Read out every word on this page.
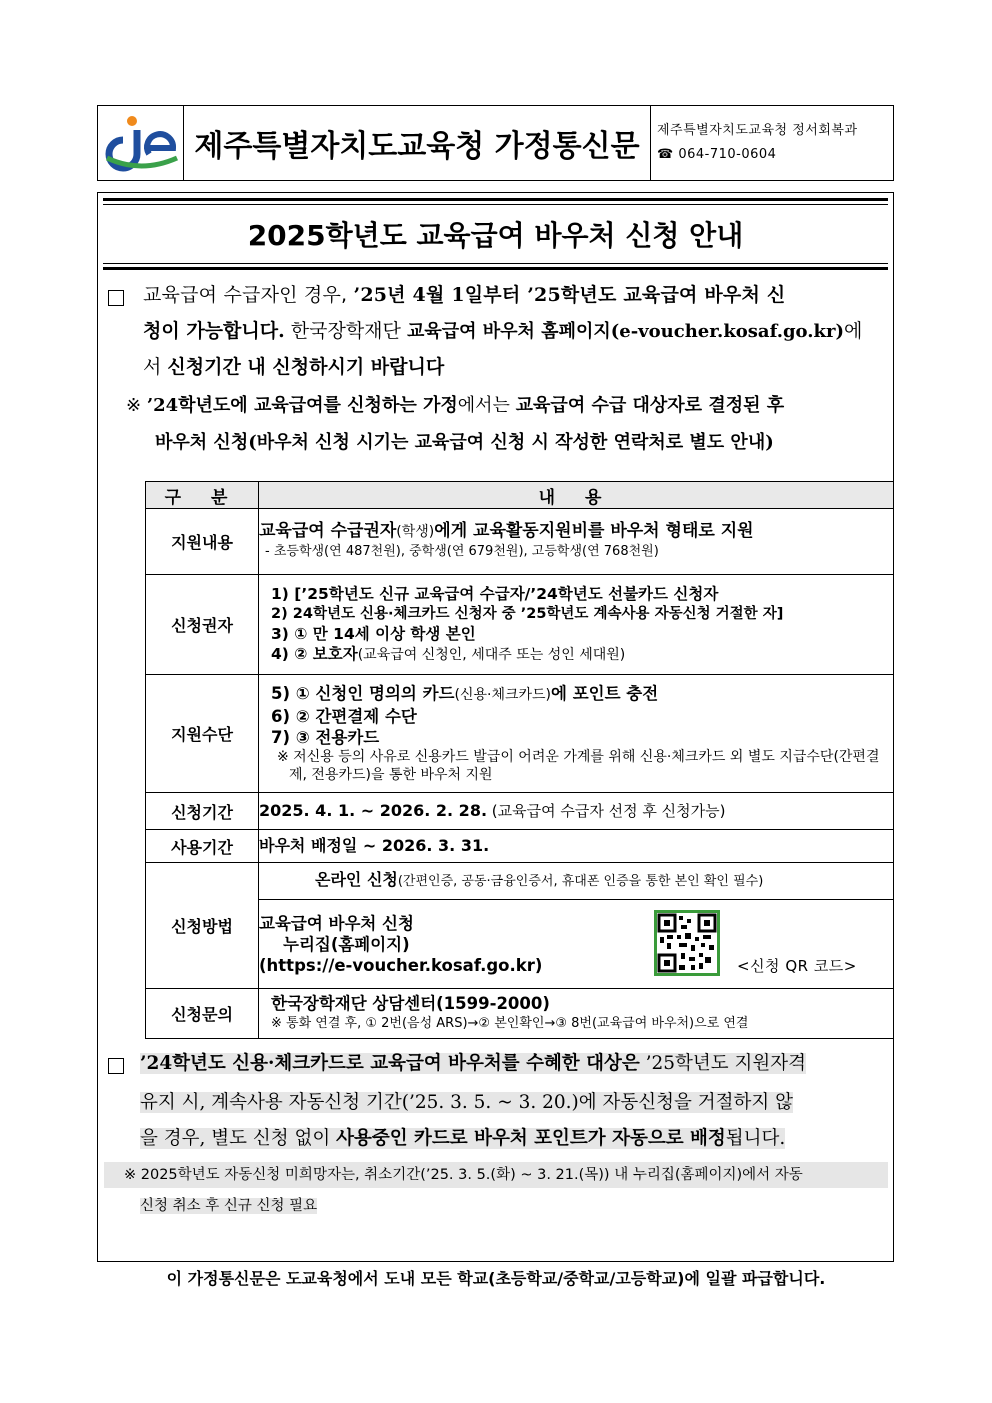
제주특별자치도교육청 가정통신문	제주특별자치도교육청 정서회복과
☎ 064-710-0604
2025학년도 교육급여 바우처 신청 안내
교육급여 수급자인 경우, ’25년 4월 1일부터 ’25학년도 교육급여 바우처 신
청이 가능합니다. 한국장학재단 교육급여 바우처 홈페이지(e-voucher.kosaf.go.kr)에
서 신청기간 내 신청하시기 바랍니다
※ ’24학년도에 교육급여를 신청하는 가정에서는 교육급여 수급 대상자로 결정된 후
바우처 신청(바우처 신청 시기는 교육급여 신청 시 작성한 연락처로 별도 안내)
구 분	내 용
지원내용	교육급여 수급권자(학생)에게 교육활동지원비를 바우처 형태로 지원
- 초등학생(연 487천원), 중학생(연 679천원), 고등학생(연 768천원)

신청권자	1) [’25학년도 신규 교육급여 수급자/’24학년도 선불카드 신청자
2) 24학년도 신용·체크카드 신청자 중 ’25학년도 계속사용 자동신청 거절한 자]
3) ① 만 14세 이상 학생 본인
4) ② 보호자(교육급여 신청인, 세대주 또는 성인 세대원)

지원수단	5) ① 신청인 명의의 카드(신용·체크카드)에 포인트 충전
6) ② 간편결제 수단
7) ③ 전용카드
※ 저신용 등의 사유로 신용카드 발급이 어려운 가계를 위해 신용·체크카드 외 별도 지급수단(간편결제, 전용카드)을 통한 바우처 지원

신청기간	2025. 4. 1. ~ 2026. 2. 28. (교육급여 수급자 선정 후 신청가능)
사용기간	바우처 배정일 ~ 2026. 3. 31.
신청방법	온라인 신청(간편인증, 공동·금융인증서, 휴대폰 인증을 통한 본인 확인 필수)

	교육급여 바우처 신청
누리집(홈페이지)
(https://e-voucher.kosaf.go.kr) <신청 QR 코드>

신청문의	한국장학재단 상담센터(1599-2000)
※ 통화 연결 후, ① 2번(음성 ARS)→② 본인확인→③ 8번(교육급여 바우처)으로 연결
’24학년도 신용·체크카드로 교육급여 바우처를 수혜한 대상은 ’25학년도 지원자격
유지 시, 계속사용 자동신청 기간(’25. 3. 5. ~ 3. 20.)에 자동신청을 거절하지 않
을 경우, 별도 신청 없이 사용중인 카드로 바우처 포인트가 자동으로 배정됩니다.
※ 2025학년도 자동신청 미희망자는, 취소기간(’25. 3. 5.(화) ~ 3. 21.(목)) 내 누리집(홈페이지)에서 자동
신청 취소 후 신규 신청 필요
이 가정통신문은 도교육청에서 도내 모든 학교(초등학교/중학교/고등학교)에 일괄 파급합니다.
